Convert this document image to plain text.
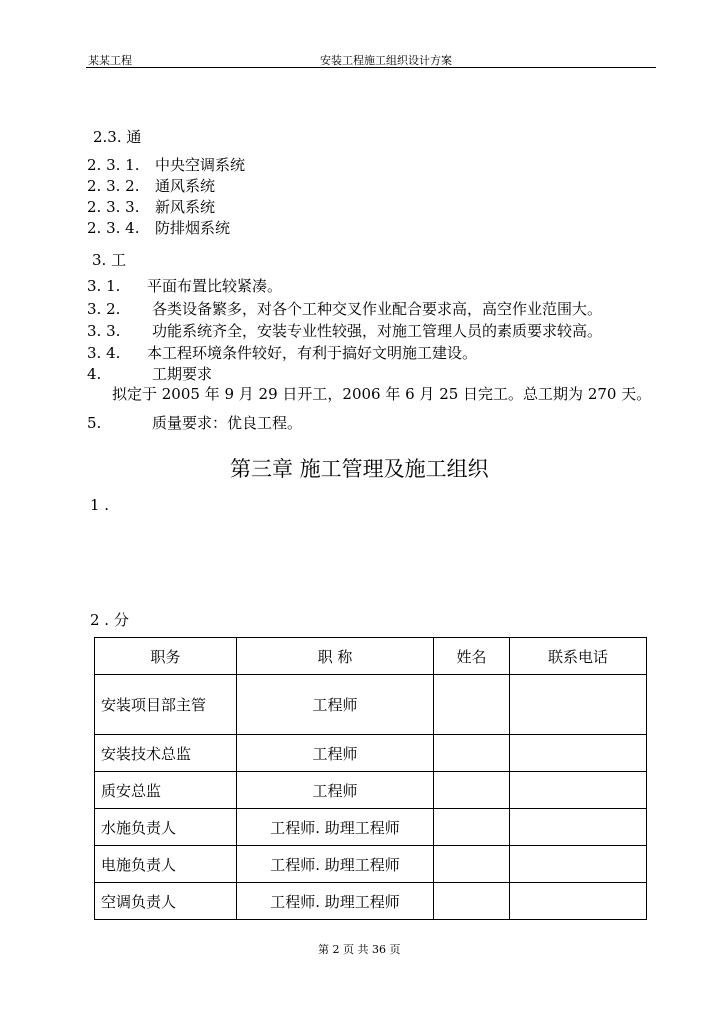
某某工程	安装工程施工组织设计方案
2.3. 通
2. 3. 1. 中央空调系统
2. 3. 2. 通风系统
2. 3. 3. 新风系统
2. 3. 4. 防排烟系统
3. 工
3. 1. 平面布置比较紧凑。
3. 2. 各类设备繁多，对各个工种交叉作业配合要求高，高空作业范围大。
3. 3. 功能系统齐全，安装专业性较强，对施工管理人员的素质要求较高。
3. 4. 本工程环境条件较好，有利于搞好文明施工建设。
4.	工期要求
拟定于 2005 年 9 月 29 日开工，2006 年 6 月 25 日完工。总工期为 270 天。
5.	质量要求：优良工程。
第三章 施工管理及施工组织
1 .
2 . 分
职务	职 称	姓名	联系电话
安装项目部主管	工程师		
安装技术总监	工程师		
质安总监	工程师		
水施负责人	工程师. 助理工程师		
电施负责人	工程师. 助理工程师		
空调负责人	工程师. 助理工程师		
第 2 页 共 36 页
